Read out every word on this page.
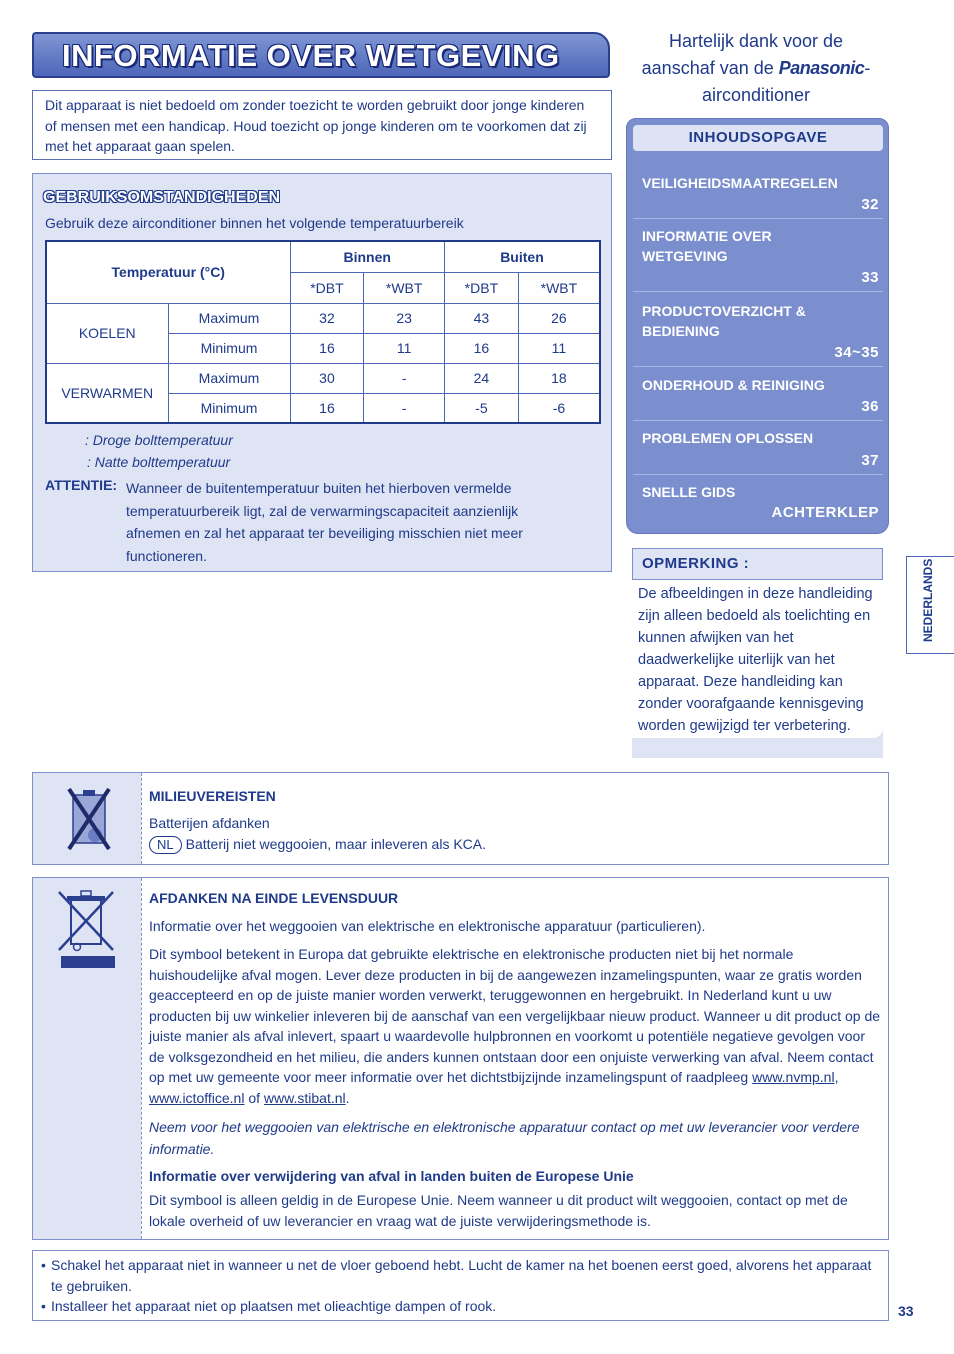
INFORMATIE OVER WETGEVING	Hartelijk dank voor de
aanschaf van de Panasonic-
airconditioner
Dit apparaat is niet bedoeld om zonder toezicht te worden gebruikt door jonge kinderen of mensen met een handicap. Houd toezicht op jonge kinderen om te voorkomen dat zij met het apparaat gaan spelen.
GEBRUIKSOMSTANDIGHEDEN
Gebruik deze airconditioner binnen het volgende temperatuurbereik
Temperatuur (°C)		Binnen		Buiten	
		*DBT	*WBT	*DBT	*WBT
KOELEN	Maximum	32	23	43	26
	Minimum	16	11	16	11
VERWARMEN	Maximum	30	-	24	18
	Minimum	16	-	-5	-6
: Droge bolttemperatuur
: Natte bolttemperatuur
ATTENTIE: Wanneer de buitentemperatuur buiten het hierboven vermelde temperatuurbereik ligt, zal de verwarmingscapaciteit aanzienlijk afnemen en zal het apparaat ter beveiliging misschien niet meer functioneren.
INHOUDSOPGAVE
VEILIGHEIDSMAATREGELEN
32
INFORMATIE OVER WETGEVING
33
PRODUCTOVERZICHT & BEDIENING
34~35
ONDERHOUD & REINIGING
36
PROBLEMEN OPLOSSEN
37
SNELLE GIDS
ACHTERKLEP
OPMERKING :
De afbeeldingen in deze handleiding zijn alleen bedoeld als toelichting en kunnen afwijken van het daadwerkelijke uiterlijk van het apparaat. Deze handleiding kan zonder voorafgaande kennisgeving worden gewijzigd ter verbetering.
NEDERLANDS
MILIEUVEREISTEN
Batterijen afdanken
NL Batterij niet weggooien, maar inleveren als KCA.
AFDANKEN NA EINDE LEVENSDUUR
Informatie over het weggooien van elektrische en elektronische apparatuur (particulieren).
Dit symbool betekent in Europa dat gebruikte elektrische en elektronische producten niet bij het normale huishoudelijke afval mogen. Lever deze producten in bij de aangewezen inzamelingspunten, waar ze gratis worden geaccepteerd en op de juiste manier worden verwerkt, teruggewonnen en hergebruikt. In Nederland kunt u uw producten bij uw winkelier inleveren bij de aanschaf van een vergelijkbaar nieuw product. Wanneer u dit product op de juiste manier als afval inlevert, spaart u waardevolle hulpbronnen en voorkomt u potentiële negatieve gevolgen voor de volksgezondheid en het milieu, die anders kunnen ontstaan door een onjuiste verwerking van afval. Neem contact op met uw gemeente voor meer informatie over het dichtstbijzijnde inzamelingspunt of raadpleeg www.nvmp.nl, www.ictoffice.nl of www.stibat.nl.
Neem voor het weggooien van elektrische en elektronische apparatuur contact op met uw leverancier voor verdere informatie.
Informatie over verwijdering van afval in landen buiten de Europese Unie
Dit symbool is alleen geldig in de Europese Unie. Neem wanneer u dit product wilt weggooien, contact op met de lokale overheid of uw leverancier en vraag wat de juiste verwijderingsmethode is.
• Schakel het apparaat niet in wanneer u net de vloer geboend hebt. Lucht de kamer na het boenen eerst goed, alvorens het apparaat te gebruiken.
• Installeer het apparaat niet op plaatsen met olieachtige dampen of rook.	33
